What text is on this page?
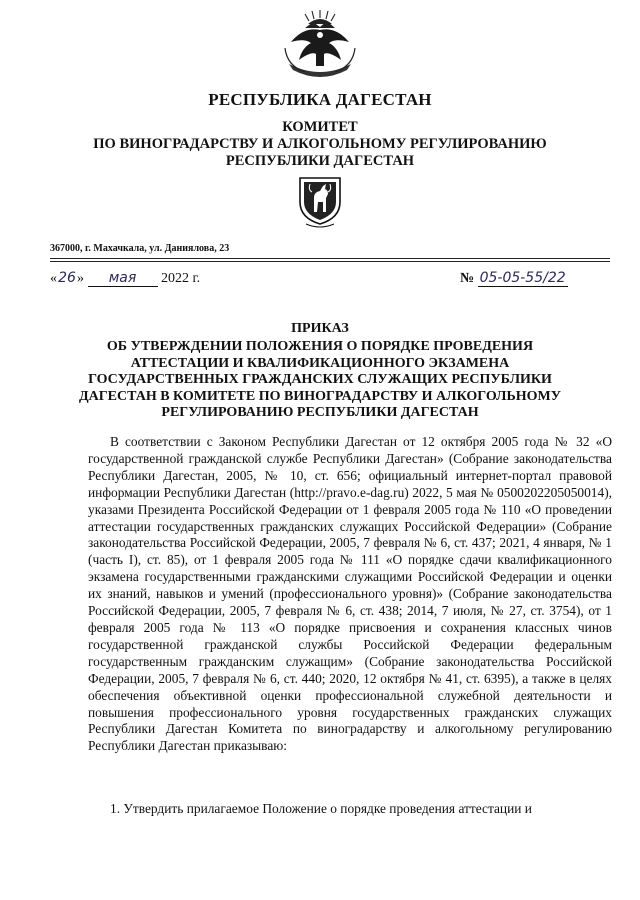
РЕСПУБЛИКА ДАГЕСТАН
КОМИТЕТ
ПО ВИНОГРАДАРСТВУ И АЛКОГОЛЬНОМУ РЕГУЛИРОВАНИЮ
РЕСПУБЛИКИ ДАГЕСТАН
367000, г. Махачкала, ул. Даниялова, 23
«26» мая 2022 г.	№ 05-05-55/22
ПРИКАЗ
ОБ УТВЕРЖДЕНИИ ПОЛОЖЕНИЯ О ПОРЯДКЕ ПРОВЕДЕНИЯ
АТТЕСТАЦИИ И КВАЛИФИКАЦИОННОГО ЭКЗАМЕНА
ГОСУДАРСТВЕННЫХ ГРАЖДАНСКИХ СЛУЖАЩИХ РЕСПУБЛИКИ
ДАГЕСТАН В КОМИТЕТЕ ПО ВИНОГРАДАРСТВУ И АЛКОГОЛЬНОМУ
РЕГУЛИРОВАНИЮ РЕСПУБЛИКИ ДАГЕСТАН
В соответствии с Законом Республики Дагестан от 12 октября 2005 года № 32 «О государственной гражданской службе Республики Дагестан» (Собрание законодательства Республики Дагестан, 2005, № 10, ст. 656; официальный интернет-портал правовой информации Республики Дагестан (http://pravo.e-dag.ru) 2022, 5 мая № 0500202205050014), указами Президента Российской Федерации от 1 февраля 2005 года № 110 «О проведении аттестации государственных гражданских служащих Российской Федерации» (Собрание законодательства Российской Федерации, 2005, 7 февраля № 6, ст. 437; 2021, 4 января, № 1 (часть I), ст. 85), от 1 февраля 2005 года № 111 «О порядке сдачи квалификационного экзамена государственными гражданскими служащими Российской Федерации и оценки их знаний, навыков и умений (профессионального уровня)» (Собрание законодательства Российской Федерации, 2005, 7 февраля № 6, ст. 438; 2014, 7 июля, № 27, ст. 3754), от 1 февраля 2005 года № 113 «О порядке присвоения и сохранения классных чинов государственной гражданской службы Российской Федерации федеральным государственным гражданским служащим» (Собрание законодательства Российской Федерации, 2005, 7 февраля № 6, ст. 440; 2020, 12 октября № 41, ст. 6395), а также в целях обеспечения объективной оценки профессиональной служебной деятельности и повышения профессионального уровня государственных гражданских служащих Республики Дагестан Комитета по виноградарству и алкогольному регулированию Республики Дагестан приказываю:
1. Утвердить прилагаемое Положение о порядке проведения аттестации и
